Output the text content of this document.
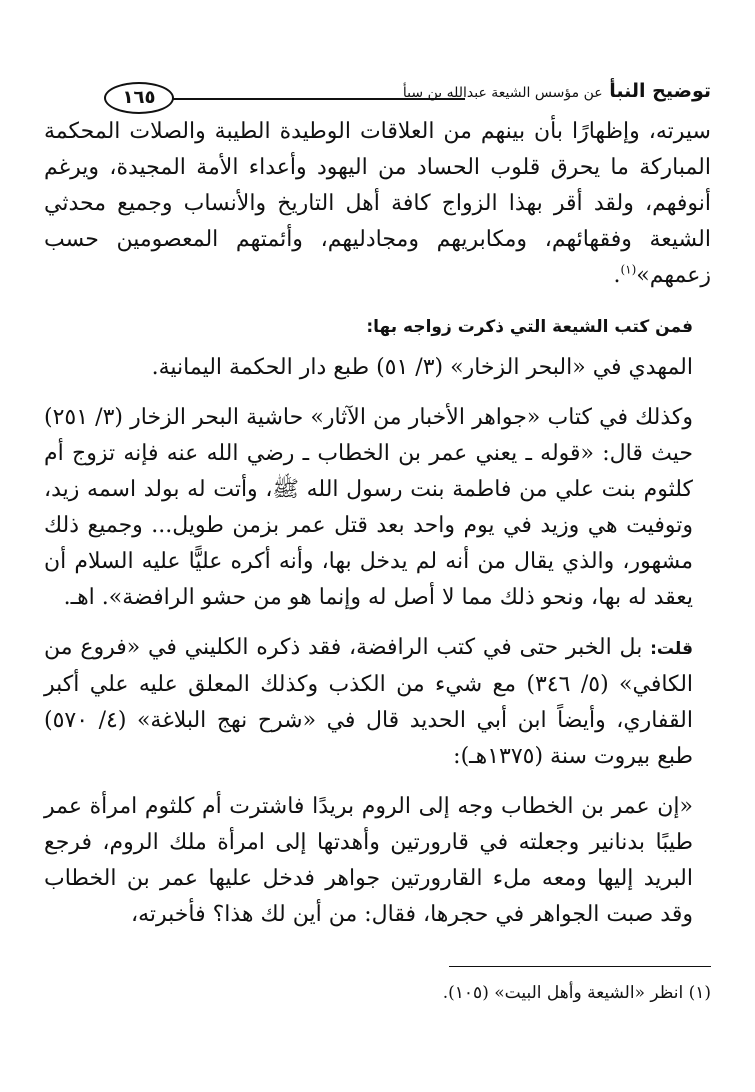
توضيح النبأ عن مؤسس الشيعة عبدالله بن سبأ
١٦٥

سيرته، وإظهارًا بأن بينهم من العلاقات الوطيدة الطيبة والصلات المحكمة المباركة ما يحرق قلوب الحساد من اليهود وأعداء الأمة المجيدة، ويرغم أنوفهم، ولقد أقر بهذا الزواج كافة أهل التاريخ والأنساب وجميع محدثي الشيعة وفقهائهم، ومكابريهم ومجادليهم، وأئمتهم المعصومين حسب زعمهم»$^{(١)}$.

فمن كتب الشيعة التي ذكرت زواجه بها:

المهدي في «البحر الزخار» (٣/ ٥١) طبع دار الحكمة اليمانية.

وكذلك في كتاب «جواهر الأخبار من الآثار» حاشية البحر الزخار (٣/ ٢٥١) حيث قال: «قوله ـ يعني عمر بن الخطاب ـ رضي الله عنه فإنه تزوج أم كلثوم بنت علي من فاطمة بنت رسول الله ﷺ، وأتت له بولد اسمه زيد، وتوفيت هي وزيد في يوم واحد بعد قتل عمر بزمن طويل... وجميع ذلك مشهور، والذي يقال من أنه لم يدخل بها، وأنه أكره عليًّا عليه السلام أن يعقد له بها، ونحو ذلك مما لا أصل له وإنما هو من حشو الرافضة». اهـ.

قلت: بل الخبر حتى في كتب الرافضة، فقد ذكره الكليني في «فروع من الكافي» (٥/ ٣٤٦) مع شيء من الكذب وكذلك المعلق عليه علي أكبر القفاري، وأيضاً ابن أبي الحديد قال في «شرح نهج البلاغة» (٤/ ٥٧٠) طبع بيروت سنة (١٣٧٥هـ):

«إن عمر بن الخطاب وجه إلى الروم بريدًا فاشترت أم كلثوم امرأة عمر طيبًا بدنانير وجعلته في قارورتين وأهدتها إلى امرأة ملك الروم، فرجع البريد إليها ومعه ملء القارورتين جواهر فدخل عليها عمر بن الخطاب وقد صبت الجواهر في حجرها، فقال: من أين لك هذا؟ فأخبرته،

(١) انظر «الشيعة وأهل البيت» (١٠٥).
